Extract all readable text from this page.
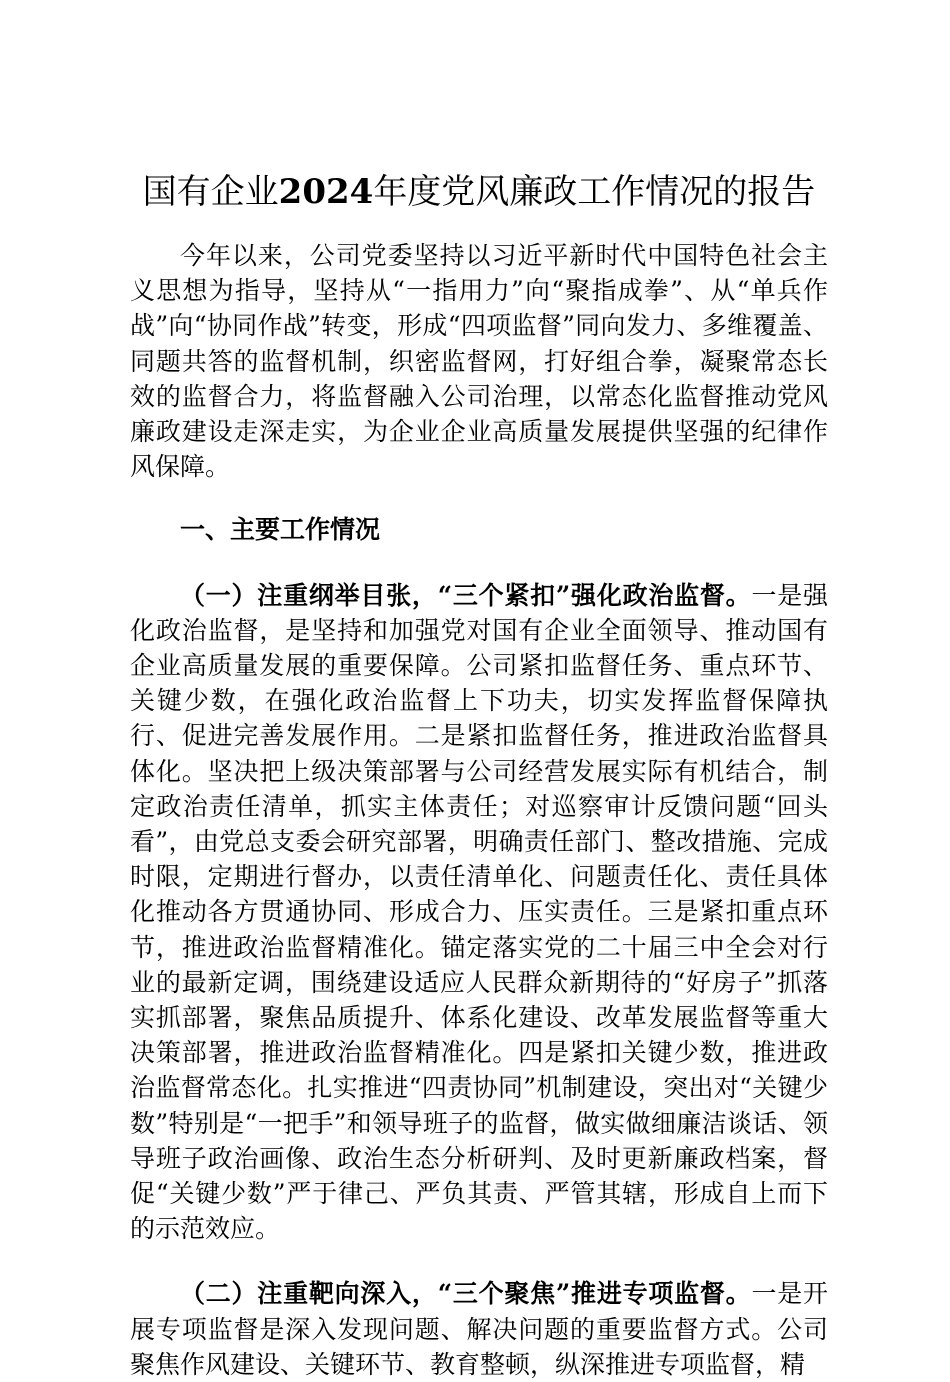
国有企业2024年度党风廉政工作情况的报告

今年以来，公司党委坚持以习近平新时代中国特色社会主义思想为指导，坚持从“一指用力”向“聚指成拳”、从“单兵作战”向“协同作战”转变，形成“四项监督”同向发力、多维覆盖、同题共答的监督机制，织密监督网，打好组合拳，凝聚常态长效的监督合力，将监督融入公司治理，以常态化监督推动党风廉政建设走深走实，为企业企业高质量发展提供坚强的纪律作风保障。

一、主要工作情况

（一）注重纲举目张，“三个紧扣”强化政治监督。一是强化政治监督，是坚持和加强党对国有企业全面领导、推动国有企业高质量发展的重要保障。公司紧扣监督任务、重点环节、关键少数，在强化政治监督上下功夫，切实发挥监督保障执行、促进完善发展作用。二是紧扣监督任务，推进政治监督具体化。坚决把上级决策部署与公司经营发展实际有机结合，制定政治责任清单，抓实主体责任；对巡察审计反馈问题“回头看”，由党总支委会研究部署，明确责任部门、整改措施、完成时限，定期进行督办，以责任清单化、问题责任化、责任具体化推动各方贯通协同、形成合力、压实责任。三是紧扣重点环节，推进政治监督精准化。锚定落实党的二十届三中全会对行业的最新定调，围绕建设适应人民群众新期待的“好房子”抓落实抓部署，聚焦品质提升、体系化建设、改革发展监督等重大决策部署，推进政治监督精准化。四是紧扣关键少数，推进政治监督常态化。扎实推进“四责协同”机制建设，突出对“关键少数”特别是“一把手”和领导班子的监督，做实做细廉洁谈话、领导班子政治画像、政治生态分析研判、及时更新廉政档案，督促“关键少数”严于律己、严负其责、严管其辖，形成自上而下的示范效应。

（二）注重靶向深入，“三个聚焦”推进专项监督。一是开展专项监督是深入发现问题、解决问题的重要监督方式。公司聚焦作风建设、关键环节、教育整顿，纵深推进专项监督，精
